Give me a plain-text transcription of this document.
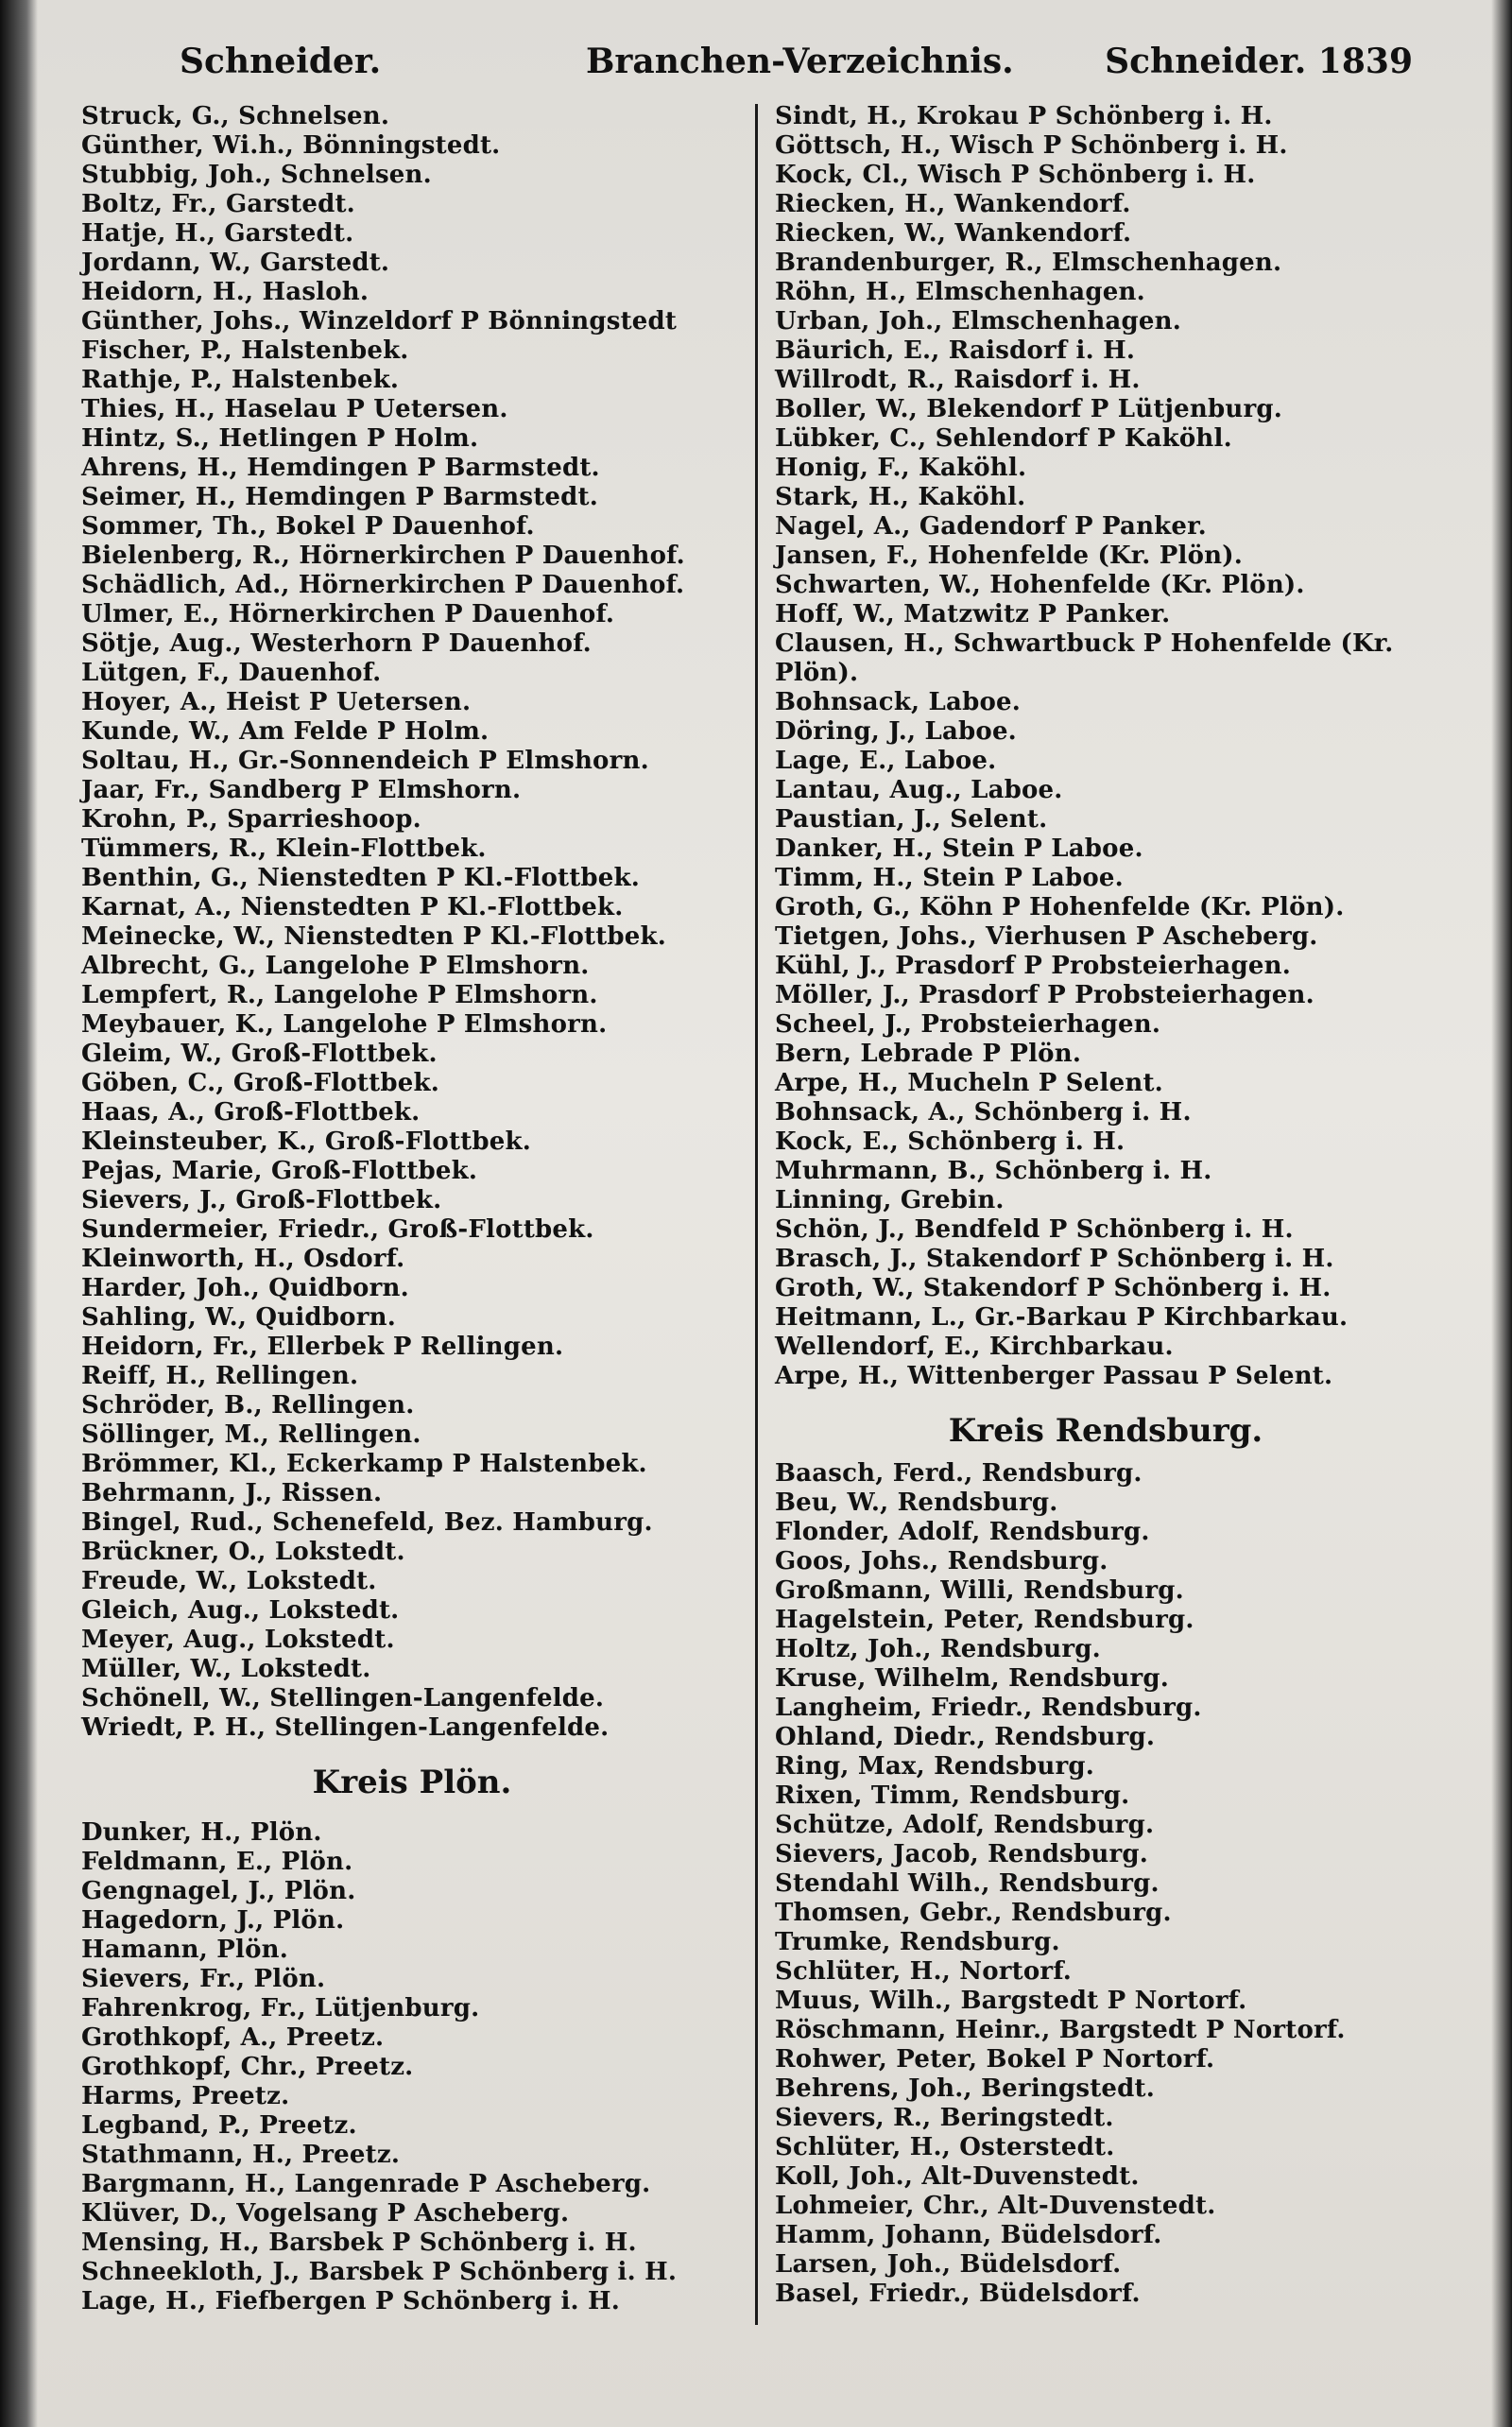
Schneider.	Branchen-Verzeichnis.	Schneider. 1839
Struck, G., Schnelsen.
Günther, Wi.h., Bönningstedt.
Stubbig, Joh., Schnelsen.
Boltz, Fr., Garstedt.
Hatje, H., Garstedt.
Jordann, W., Garstedt.
Heidorn, H., Hasloh.
Günther, Johs., Winzeldorf P Bönningstedt
Fischer, P., Halstenbek.
Rathje, P., Halstenbek.
Thies, H., Haselau P Uetersen.
Hintz, S., Hetlingen P Holm.
Ahrens, H., Hemdingen P Barmstedt.
Seimer, H., Hemdingen P Barmstedt.
Sommer, Th., Bokel P Dauenhof.
Bielenberg, R., Hörnerkirchen P Dauenhof.
Schädlich, Ad., Hörnerkirchen P Dauenhof.
Ulmer, E., Hörnerkirchen P Dauenhof.
Sötje, Aug., Westerhorn P Dauenhof.
Lütgen, F., Dauenhof.
Hoyer, A., Heist P Uetersen.
Kunde, W., Am Felde P Holm.
Soltau, H., Gr.-Sonnendeich P Elmshorn.
Jaar, Fr., Sandberg P Elmshorn.
Krohn, P., Sparrieshoop.
Tümmers, R., Klein-Flottbek.
Benthin, G., Nienstedten P Kl.-Flottbek.
Karnat, A., Nienstedten P Kl.-Flottbek.
Meinecke, W., Nienstedten P Kl.-Flottbek.
Albrecht, G., Langelohe P Elmshorn.
Lempfert, R., Langelohe P Elmshorn.
Meybauer, K., Langelohe P Elmshorn.
Gleim, W., Groß-Flottbek.
Göben, C., Groß-Flottbek.
Haas, A., Groß-Flottbek.
Kleinsteuber, K., Groß-Flottbek.
Pejas, Marie, Groß-Flottbek.
Sievers, J., Groß-Flottbek.
Sundermeier, Friedr., Groß-Flottbek.
Kleinworth, H., Osdorf.
Harder, Joh., Quidborn.
Sahling, W., Quidborn.
Heidorn, Fr., Ellerbek P Rellingen.
Reiff, H., Rellingen.
Schröder, B., Rellingen.
Söllinger, M., Rellingen.
Brömmer, Kl., Eckerkamp P Halstenbek.
Behrmann, J., Rissen.
Bingel, Rud., Schenefeld, Bez. Hamburg.
Brückner, O., Lokstedt.
Freude, W., Lokstedt.
Gleich, Aug., Lokstedt.
Meyer, Aug., Lokstedt.
Müller, W., Lokstedt.
Schönell, W., Stellingen-Langenfelde.
Wriedt, P. H., Stellingen-Langenfelde.
Kreis Plön.
Dunker, H., Plön.
Feldmann, E., Plön.
Gengnagel, J., Plön.
Hagedorn, J., Plön.
Hamann, Plön.
Sievers, Fr., Plön.
Fahrenkrog, Fr., Lütjenburg.
Grothkopf, A., Preetz.
Grothkopf, Chr., Preetz.
Harms, Preetz.
Legband, P., Preetz.
Stathmann, H., Preetz.
Bargmann, H., Langenrade P Ascheberg.
Klüver, D., Vogelsang P Ascheberg.
Mensing, H., Barsbek P Schönberg i. H.
Schneekloth, J., Barsbek P Schönberg i. H.
Lage, H., Fiefbergen P Schönberg i. H.
Sindt, H., Krokau P Schönberg i. H.
Göttsch, H., Wisch P Schönberg i. H.
Kock, Cl., Wisch P Schönberg i. H.
Riecken, H., Wankendorf.
Riecken, W., Wankendorf.
Brandenburger, R., Elmschenhagen.
Röhn, H., Elmschenhagen.
Urban, Joh., Elmschenhagen.
Bäurich, E., Raisdorf i. H.
Willrodt, R., Raisdorf i. H.
Boller, W., Blekendorf P Lütjenburg.
Lübker, C., Sehlendorf P Kaköhl.
Honig, F., Kaköhl.
Stark, H., Kaköhl.
Nagel, A., Gadendorf P Panker.
Jansen, F., Hohenfelde (Kr. Plön).
Schwarten, W., Hohenfelde (Kr. Plön).
Hoff, W., Matzwitz P Panker.
Clausen, H., Schwartbuck P Hohenfelde (Kr. Plön).
Bohnsack, Laboe.
Döring, J., Laboe.
Lage, E., Laboe.
Lantau, Aug., Laboe.
Paustian, J., Selent.
Danker, H., Stein P Laboe.
Timm, H., Stein P Laboe.
Groth, G., Köhn P Hohenfelde (Kr. Plön).
Tietgen, Johs., Vierhusen P Ascheberg.
Kühl, J., Prasdorf P Probsteierhagen.
Möller, J., Prasdorf P Probsteierhagen.
Scheel, J., Probsteierhagen.
Bern, Lebrade P Plön.
Arpe, H., Mucheln P Selent.
Bohnsack, A., Schönberg i. H.
Kock, E., Schönberg i. H.
Muhrmann, B., Schönberg i. H.
Linning, Grebin.
Schön, J., Bendfeld P Schönberg i. H.
Brasch, J., Stakendorf P Schönberg i. H.
Groth, W., Stakendorf P Schönberg i. H.
Heitmann, L., Gr.-Barkau P Kirchbarkau.
Wellendorf, E., Kirchbarkau.
Arpe, H., Wittenberger Passau P Selent.
Kreis Rendsburg.
Baasch, Ferd., Rendsburg.
Beu, W., Rendsburg.
Flonder, Adolf, Rendsburg.
Goos, Johs., Rendsburg.
Großmann, Willi, Rendsburg.
Hagelstein, Peter, Rendsburg.
Holtz, Joh., Rendsburg.
Kruse, Wilhelm, Rendsburg.
Langheim, Friedr., Rendsburg.
Ohland, Diedr., Rendsburg.
Ring, Max, Rendsburg.
Rixen, Timm, Rendsburg.
Schütze, Adolf, Rendsburg.
Sievers, Jacob, Rendsburg.
Stendahl Wilh., Rendsburg.
Thomsen, Gebr., Rendsburg.
Trumke, Rendsburg.
Schlüter, H., Nortorf.
Muus, Wilh., Bargstedt P Nortorf.
Röschmann, Heinr., Bargstedt P Nortorf.
Rohwer, Peter, Bokel P Nortorf.
Behrens, Joh., Beringstedt.
Sievers, R., Beringstedt.
Schlüter, H., Osterstedt.
Koll, Joh., Alt-Duvenstedt.
Lohmeier, Chr., Alt-Duvenstedt.
Hamm, Johann, Büdelsdorf.
Larsen, Joh., Büdelsdorf.
Basel, Friedr., Büdelsdorf.
